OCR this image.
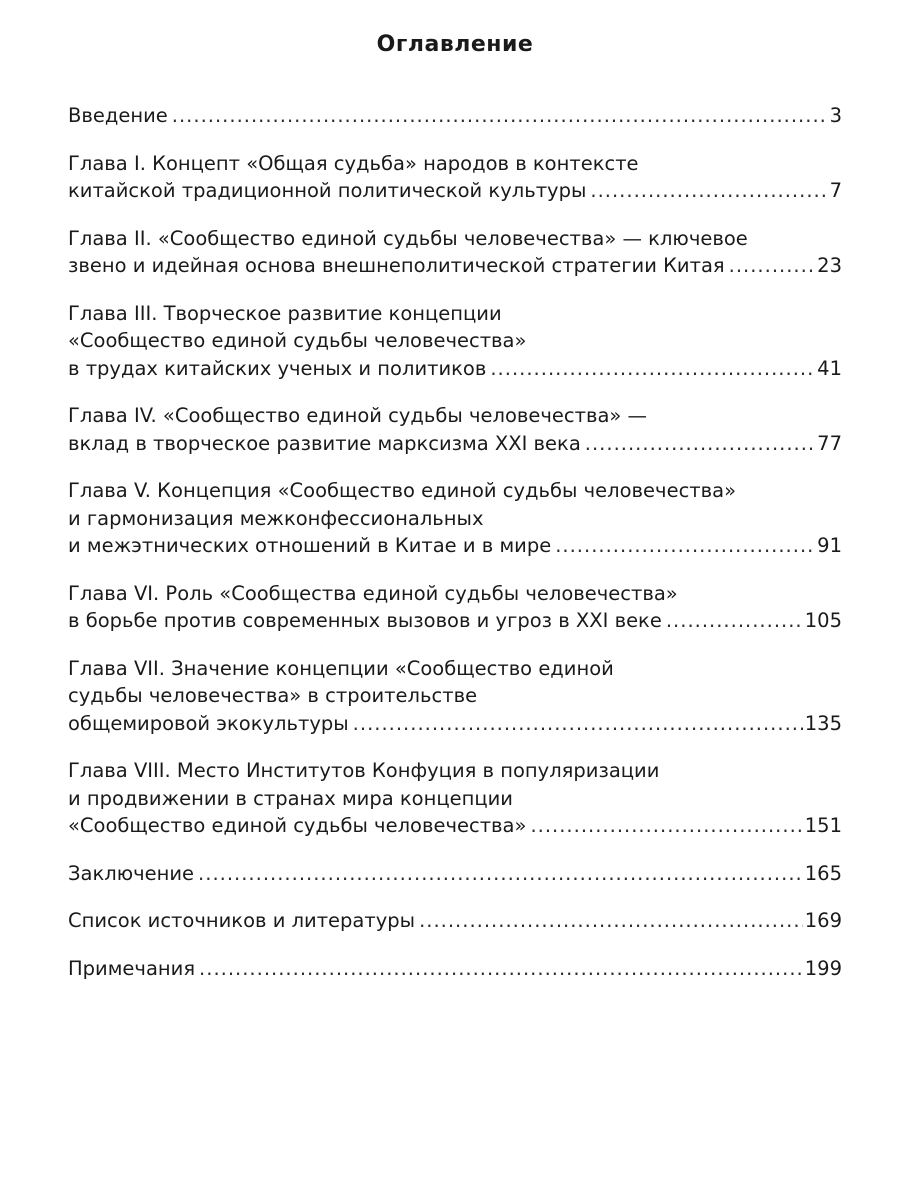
Оглавление
Введение .....	3
Глава I. Концепт «Общая судьба» народов в контексте
китайской традиционной политической культуры .....	7
Глава II. «Сообщество единой судьбы человечества» — ключевое
звено и идейная основа внешнеполитической стратегии Китая .....	23
Глава III. Творческое развитие концепции
«Сообщество единой судьбы человечества»
в трудах китайских ученых и политиков .....	41
Глава IV. «Сообщество единой судьбы человечества» —
вклад в творческое развитие марксизма XXI века .....	77
Глава V. Концепция «Сообщество единой судьбы человечества»
и гармонизация межконфессиональных
и межэтнических отношений в Китае и в мире .....	91
Глава VI. Роль «Сообщества единой судьбы человечества»
в борьбе против современных вызовов и угроз в XXI веке .....	105
Глава VII. Значение концепции «Сообщество единой
судьбы человечества» в строительстве
общемировой экокультуры .....	135
Глава VIII. Место Институтов Конфуция в популяризации
и продвижении в странах мира концепции
«Сообщество единой судьбы человечества» .....	151
Заключение .....	165
Список источников и литературы .....	169
Примечания .....	199
